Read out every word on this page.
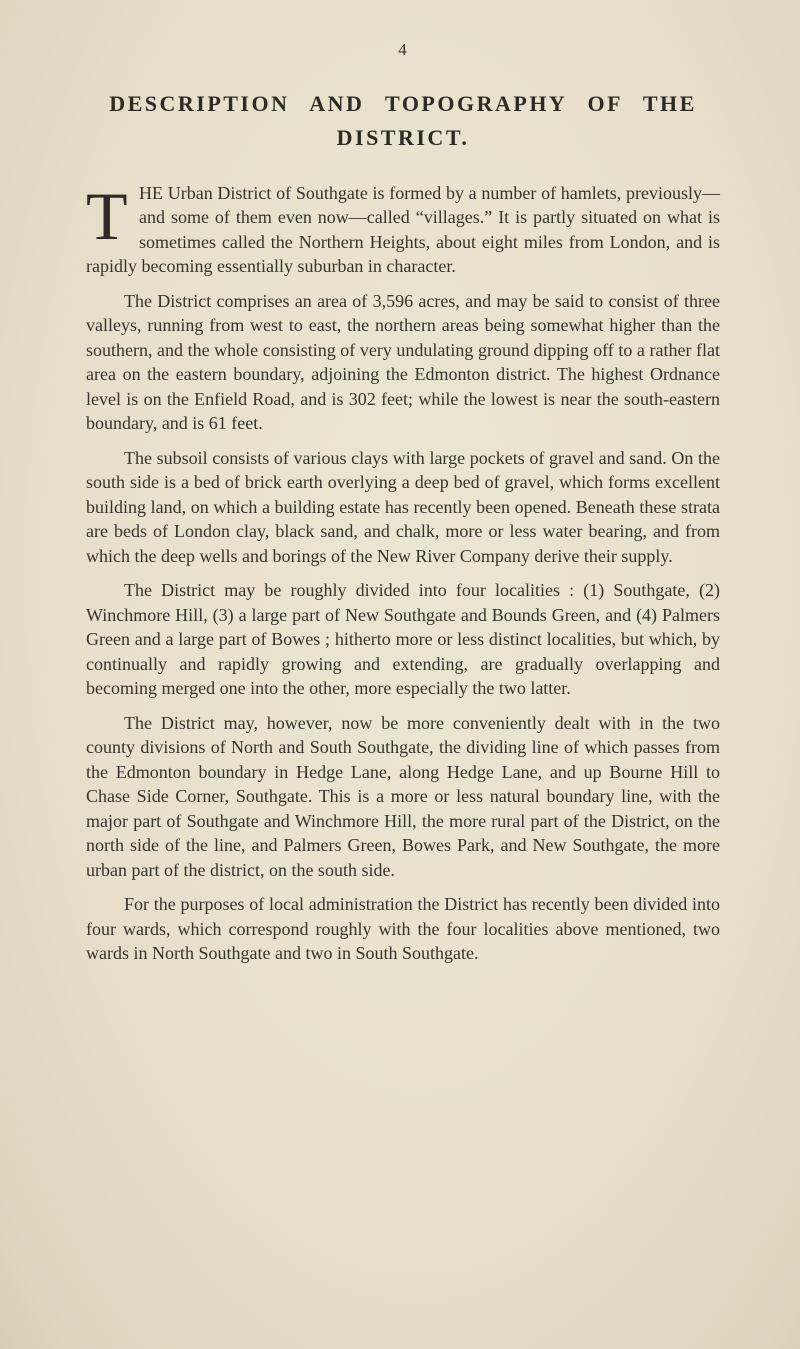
4
DESCRIPTION AND TOPOGRAPHY OF THE
DISTRICT.

T HE Urban District of Southgate is formed by a number of hamlets, previously—and some of them even now—called “villages.” It is partly situated on what is sometimes called the Northern Heights, about eight miles from London, and is rapidly becoming essentially suburban in character.

The District comprises an area of 3,596 acres, and may be said to consist of three valleys, running from west to east, the northern areas being somewhat higher than the southern, and the whole consisting of very undulating ground dipping off to a rather flat area on the eastern boundary, adjoining the Edmonton district. The highest Ordnance level is on the Enfield Road, and is 302 feet; while the lowest is near the south-eastern boundary, and is 61 feet.

The subsoil consists of various clays with large pockets of gravel and sand. On the south side is a bed of brick earth overlying a deep bed of gravel, which forms excellent building land, on which a building estate has recently been opened. Beneath these strata are beds of London clay, black sand, and chalk, more or less water bearing, and from which the deep wells and borings of the New River Company derive their supply.

The District may be roughly divided into four localities : (1) Southgate, (2) Winchmore Hill, (3) a large part of New Southgate and Bounds Green, and (4) Palmers Green and a large part of Bowes ; hitherto more or less distinct localities, but which, by continually and rapidly growing and extending, are gradually overlapping and becoming merged one into the other, more especially the two latter.

The District may, however, now be more conveniently dealt with in the two county divisions of North and South Southgate, the dividing line of which passes from the Edmonton boundary in Hedge Lane, along Hedge Lane, and up Bourne Hill to Chase Side Corner, Southgate. This is a more or less natural boundary line, with the major part of Southgate and Winchmore Hill, the more rural part of the District, on the north side of the line, and Palmers Green, Bowes Park, and New Southgate, the more urban part of the district, on the south side.

For the purposes of local administration the District has recently been divided into four wards, which correspond roughly with the four localities above mentioned, two wards in North Southgate and two in South Southgate.
